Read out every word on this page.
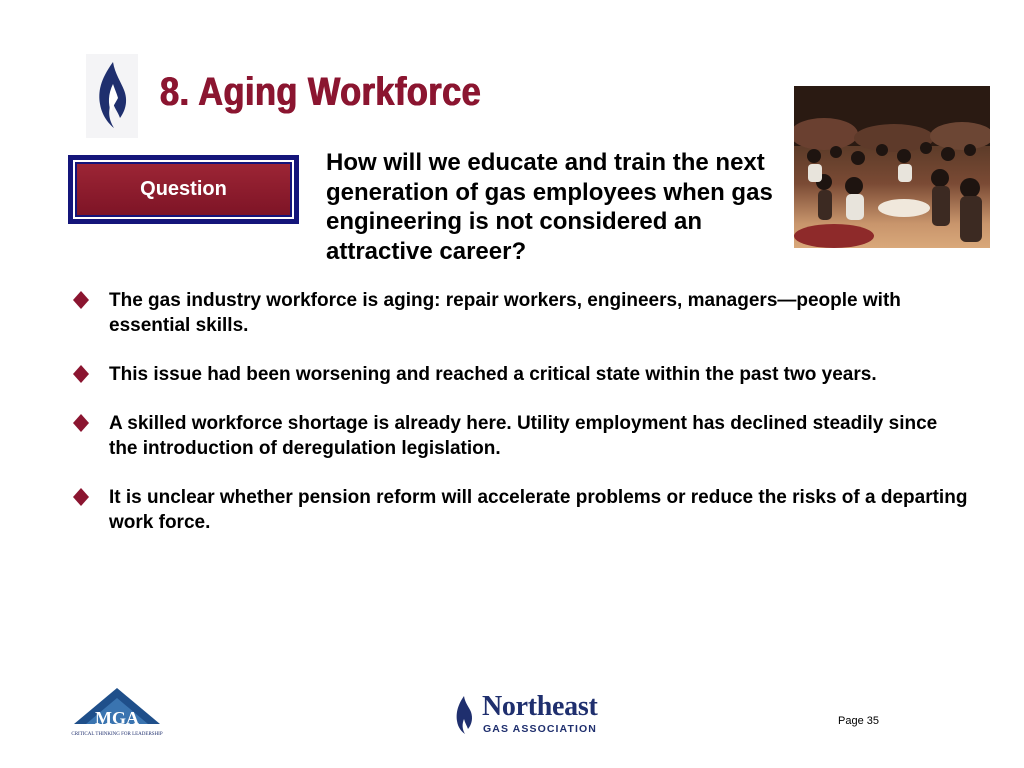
8. Aging Workforce
Question
How will we educate and train the next generation of gas employees when gas engineering is not considered an attractive career?
The gas industry workforce is aging: repair workers, engineers, managers—people with essential skills.
This issue had been worsening and reached a critical state within the past two years.
A skilled workforce shortage is already here. Utility employment has declined steadily since the introduction of deregulation legislation.
It is unclear whether pension reform will accelerate problems or reduce the risks of a departing work force.
MGA
CRITICAL THINKING FOR LEADERSHIP
Northeast
GAS ASSOCIATION
Page 35
